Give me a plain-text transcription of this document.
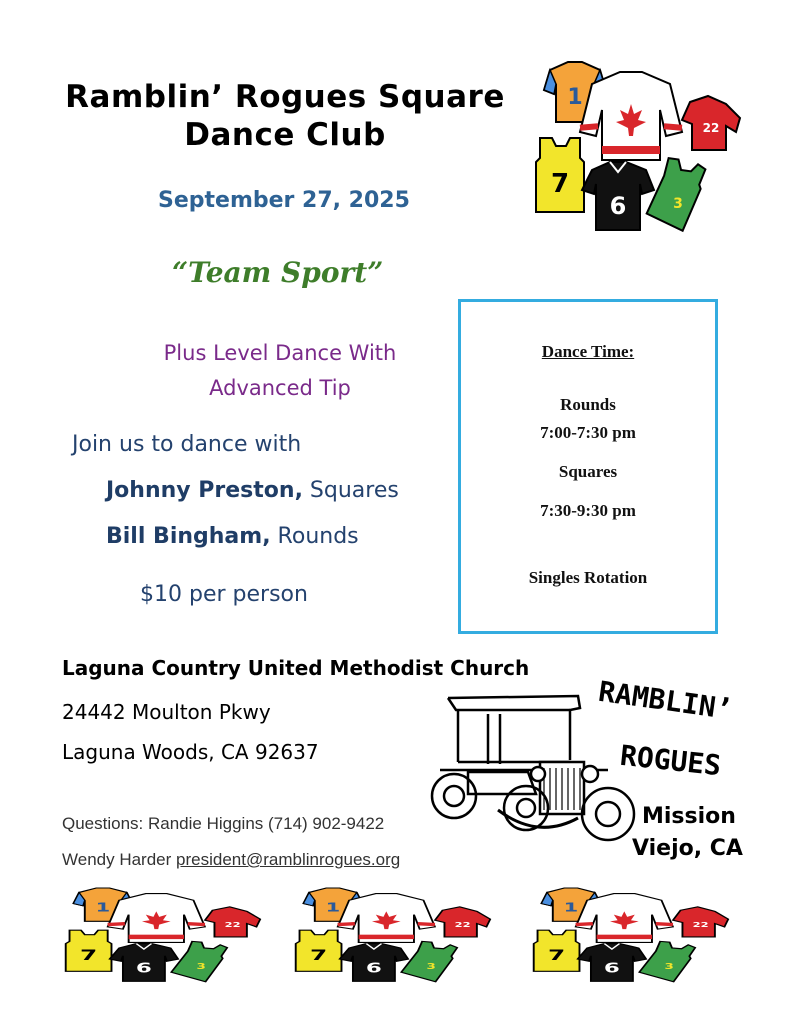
Ramblin’ Rogues Square
Dance Club
1
22
7
6	3
September 27, 2025
“Team Sport”
Plus Level Dance With
Advanced Tip
Join us to dance with
Johnny Preston, Squares
Bill Bingham, Rounds
$10 per person
Dance Time:
Rounds
7:00-7:30 pm
Squares
7:30-9:30 pm
Singles Rotation
Laguna Country United Methodist Church
24442 Moulton Pkwy
Laguna Woods, CA 92637
Questions: Randie Higgins (714) 902-9422
Wendy Harder president@ramblinrogues.org
RAMBLIN’
ROGUES
Mission
Viejo, CA
